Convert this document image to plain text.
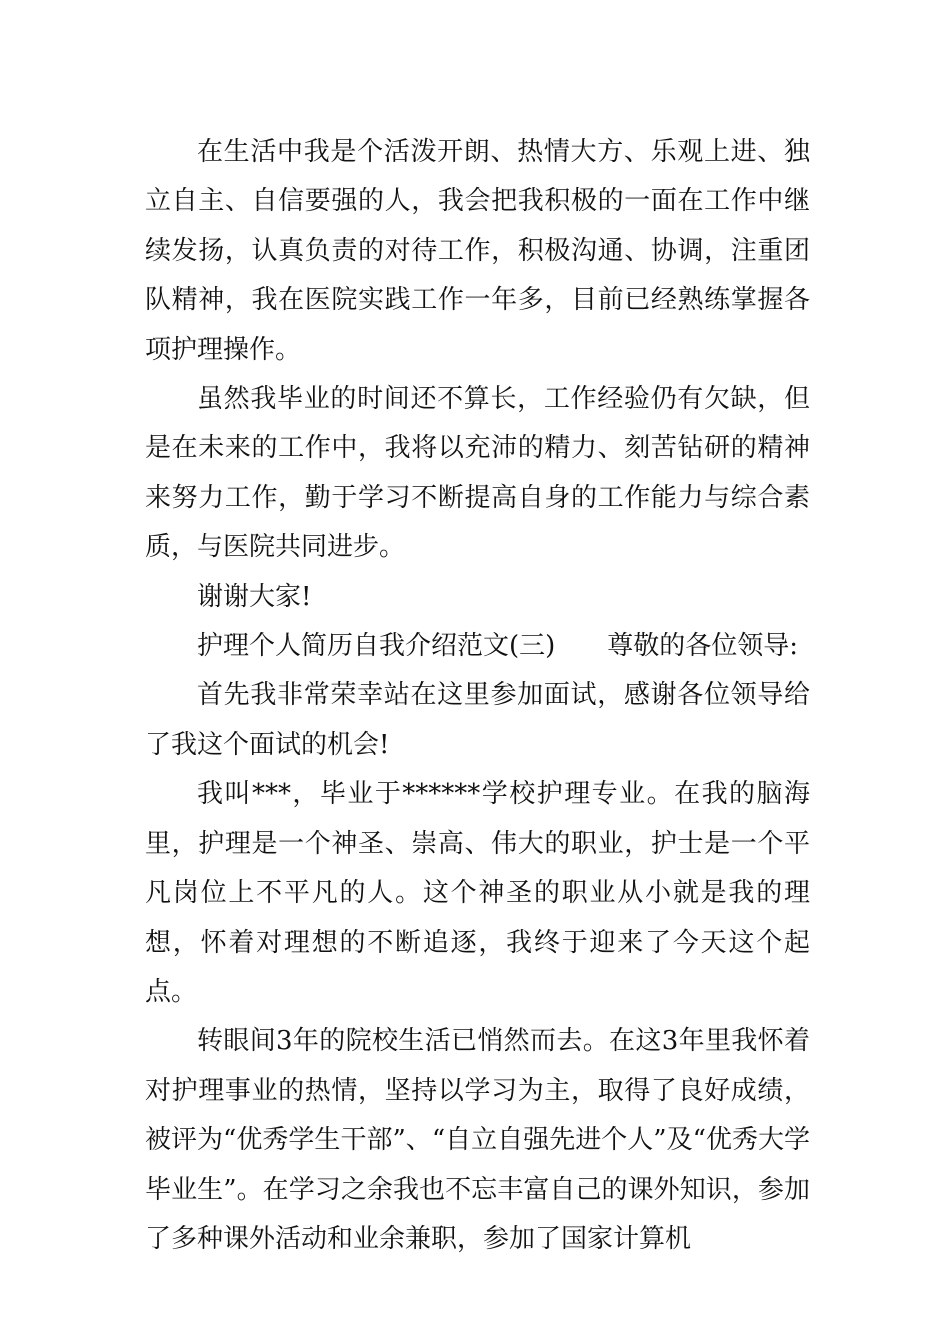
在生活中我是个活泼开朗、热情大方、乐观上进、独立自主、自信要强的人，我会把我积极的一面在工作中继续发扬，认真负责的对待工作，积极沟通、协调，注重团队精神，我在医院实践工作一年多，目前已经熟练掌握各项护理操作。

虽然我毕业的时间还不算长，工作经验仍有欠缺，但是在未来的工作中，我将以充沛的精力、刻苦钻研的精神来努力工作，勤于学习不断提高自身的工作能力与综合素质，与医院共同进步。

谢谢大家!

护理个人简历自我介绍范文(三)　　尊敬的各位领导:

首先我非常荣幸站在这里参加面试，感谢各位领导给了我这个面试的机会!

我叫***，毕业于******学校护理专业。在我的脑海里，护理是一个神圣、崇高、伟大的职业，护士是一个平凡岗位上不平凡的人。这个神圣的职业从小就是我的理想，怀着对理想的不断追逐，我终于迎来了今天这个起点。

转眼间3年的院校生活已悄然而去。在这3年里我怀着对护理事业的热情，坚持以学习为主，取得了良好成绩，被评为“优秀学生干部”、“自立自强先进个人”及“优秀大学毕业生”。在学习之余我也不忘丰富自己的课外知识，参加了多种课外活动和业余兼职，参加了国家计算机
